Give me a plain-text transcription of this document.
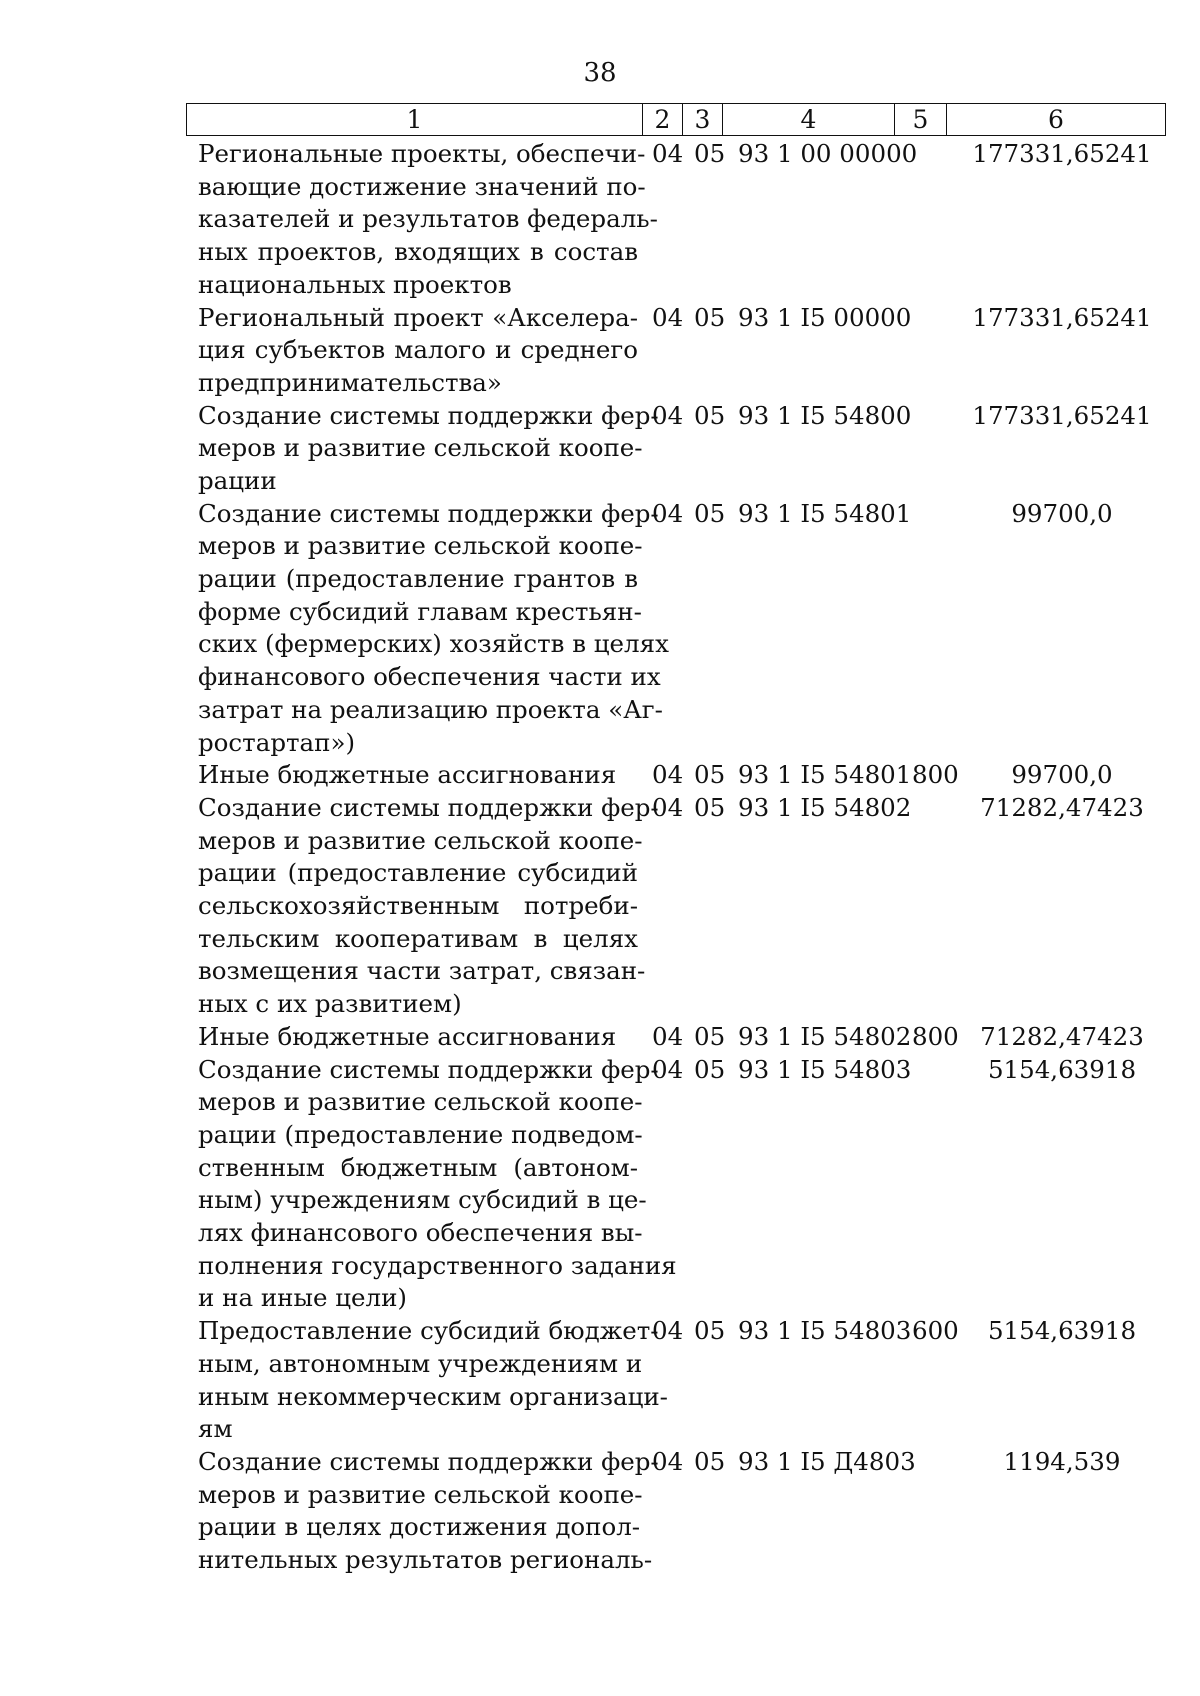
38
1	2 3	4	5	6
Региональные проекты, обеспечи-
вающие достижение значений по-
казателей и результатов федераль-
ных проектов, входящих в состав
национальных проектов
04 05 93 1 00 00000	177331,65241
Региональный проект «Акселера-
ция субъектов малого и среднего
предпринимательства»
04 05 93 1 I5 00000	177331,65241
Создание системы поддержки фер-
меров и развитие сельской коопе-
рации
04 05 93 1 I5 54800	177331,65241
Создание системы поддержки фер-
меров и развитие сельской коопе-
рации (предоставление грантов в
форме субсидий главам крестьян-
ских (фермерских) хозяйств в целях
финансового обеспечения части их
затрат на реализацию проекта «Аг-
ростартап»)
04 05 93 1 I5 54801	99700,0
Иные бюджетные ассигнования	04 05 93 1 I5 54801 800	99700,0
Создание системы поддержки фер-
меров и развитие сельской коопе-
рации (предоставление субсидий
сельскохозяйственным потреби-
тельским кооперативам в целях
возмещения части затрат, связан-
ных с их развитием)
04 05 93 1 I5 54802	71282,47423
Иные бюджетные ассигнования	04 05 93 1 I5 54802 800 71282,47423
Создание системы поддержки фер-
меров и развитие сельской коопе-
рации (предоставление подведом-
ственным бюджетным (автоном-
ным) учреждениям субсидий в це-
лях финансового обеспечения вы-
полнения государственного задания
и на иные цели)
04 05 93 1 I5 54803	5154,63918
Предоставление субсидий бюджет-
ным, автономным учреждениям и
иным некоммерческим организаци-
ям
04 05 93 1 I5 54803 600	5154,63918
Создание системы поддержки фер-
меров и развитие сельской коопе-
рации в целях достижения допол-
нительных результатов региональ-
04 05 93 1 I5 Д4803	1194,539
